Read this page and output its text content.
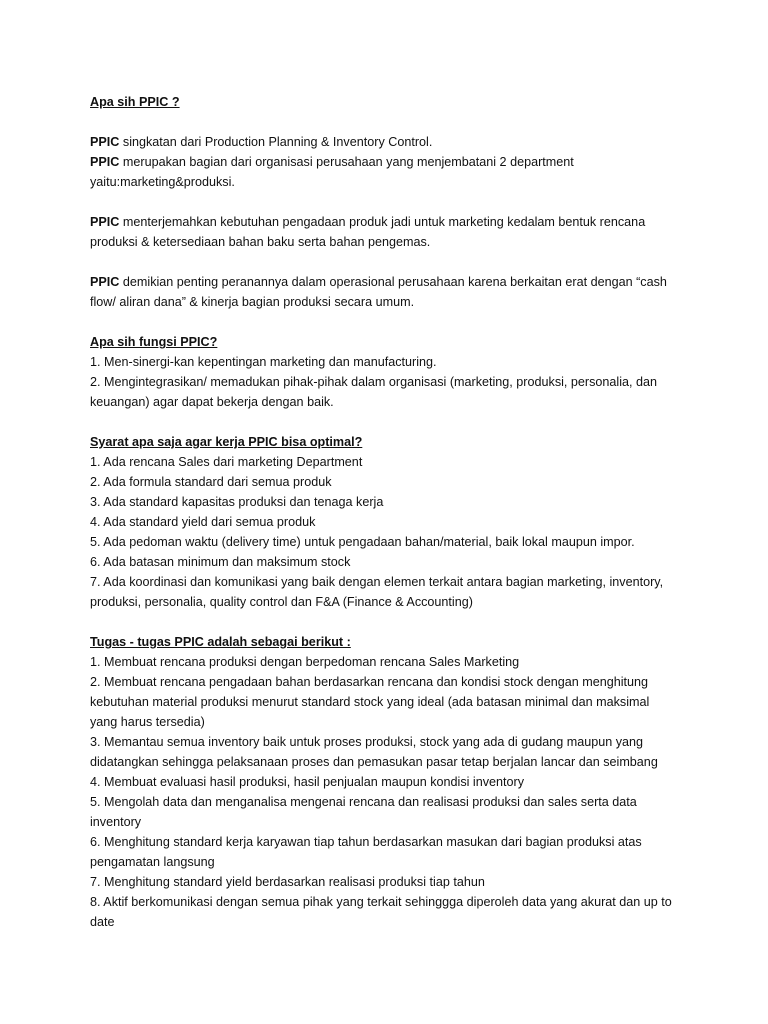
Apa sih PPIC ?
PPIC singkatan dari Production Planning & Inventory Control.
PPIC merupakan bagian dari organisasi perusahaan yang menjembatani 2 department
yaitu:marketing&produksi.
PPIC menterjemahkan kebutuhan pengadaan produk jadi untuk marketing kedalam bentuk rencana
produksi & ketersediaan bahan baku serta bahan pengemas.
PPIC demikian penting peranannya dalam operasional perusahaan karena berkaitan erat dengan “cash
flow/ aliran dana” & kinerja bagian produksi secara umum.
Apa sih fungsi PPIC?
1. Men-sinergi-kan kepentingan marketing dan manufacturing.
2. Mengintegrasikan/ memadukan pihak-pihak dalam organisasi (marketing, produksi, personalia, dan
keuangan) agar dapat bekerja dengan baik.
Syarat apa saja agar kerja PPIC bisa optimal?
1. Ada rencana Sales dari marketing Department
2. Ada formula standard dari semua produk
3. Ada standard kapasitas produksi dan tenaga kerja
4. Ada standard yield dari semua produk
5. Ada pedoman waktu (delivery time) untuk pengadaan bahan/material, baik lokal maupun impor.
6. Ada batasan minimum dan maksimum stock
7. Ada koordinasi dan komunikasi yang baik dengan elemen terkait antara bagian marketing, inventory,
produksi, personalia, quality control dan F&A (Finance & Accounting)
Tugas - tugas PPIC adalah sebagai berikut :
1. Membuat rencana produksi dengan berpedoman rencana Sales Marketing
2. Membuat rencana pengadaan bahan berdasarkan rencana dan kondisi stock dengan menghitung
kebutuhan material produksi menurut standard stock yang ideal (ada batasan minimal dan maksimal
yang harus tersedia)
3. Memantau semua inventory baik untuk proses produksi, stock yang ada di gudang maupun yang
didatangkan sehingga pelaksanaan proses dan pemasukan pasar tetap berjalan lancar dan seimbang
4. Membuat evaluasi hasil produksi, hasil penjualan maupun kondisi inventory
5. Mengolah data dan menganalisa mengenai rencana dan realisasi produksi dan sales serta data
inventory
6. Menghitung standard kerja karyawan tiap tahun berdasarkan masukan dari bagian produksi atas
pengamatan langsung
7. Menghitung standard yield berdasarkan realisasi produksi tiap tahun
8. Aktif berkomunikasi dengan semua pihak yang terkait sehinggga diperoleh data yang akurat dan up to
date
